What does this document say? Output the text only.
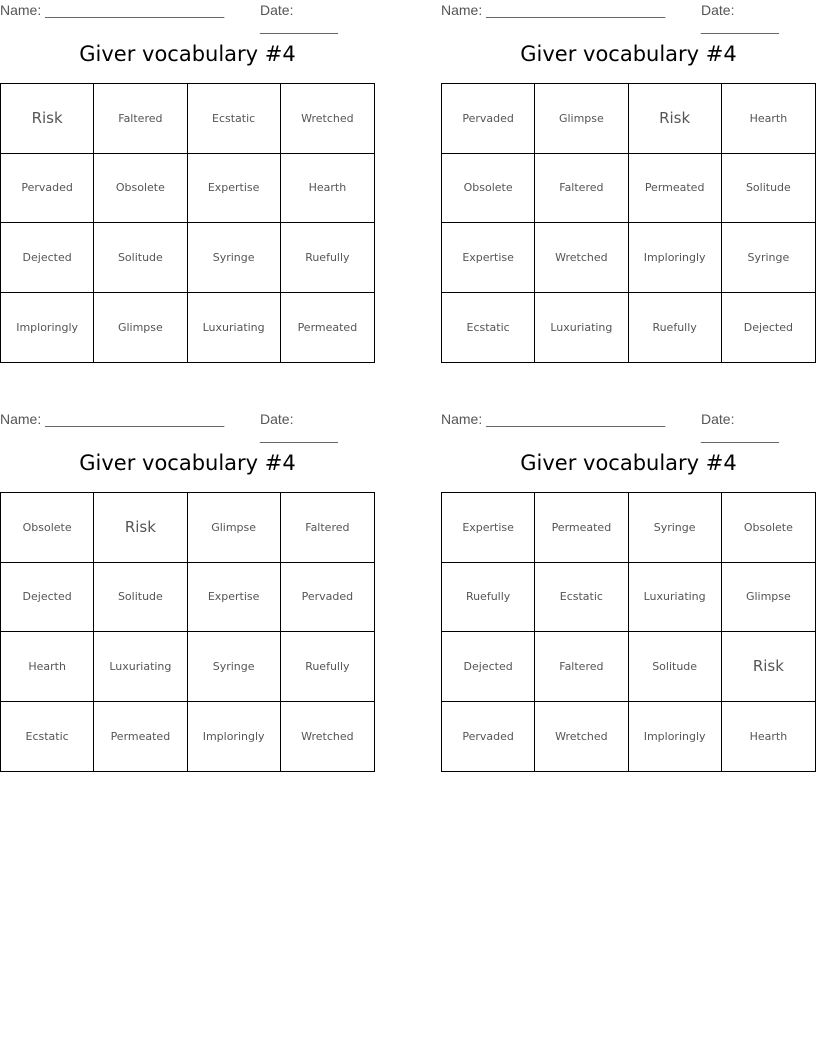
Name: _______________________	Date: __________
Giver vocabulary #4
Risk	Faltered	Ecstatic	Wretched
Pervaded	Obsolete	Expertise	Hearth
Dejected	Solitude	Syringe	Ruefully
Imploringly	Glimpse	Luxuriating	Permeated
Name: _______________________	Date: __________
Giver vocabulary #4
Pervaded	Glimpse	Risk	Hearth
Obsolete	Faltered	Permeated	Solitude
Expertise	Wretched	Imploringly	Syringe
Ecstatic	Luxuriating	Ruefully	Dejected
Name: _______________________	Date: __________
Giver vocabulary #4
Obsolete	Risk	Glimpse	Faltered
Dejected	Solitude	Expertise	Pervaded
Hearth	Luxuriating	Syringe	Ruefully
Ecstatic	Permeated	Imploringly	Wretched
Name: _______________________	Date: __________
Giver vocabulary #4
Expertise	Permeated	Syringe	Obsolete
Ruefully	Ecstatic	Luxuriating	Glimpse
Dejected	Faltered	Solitude	Risk
Pervaded	Wretched	Imploringly	Hearth
